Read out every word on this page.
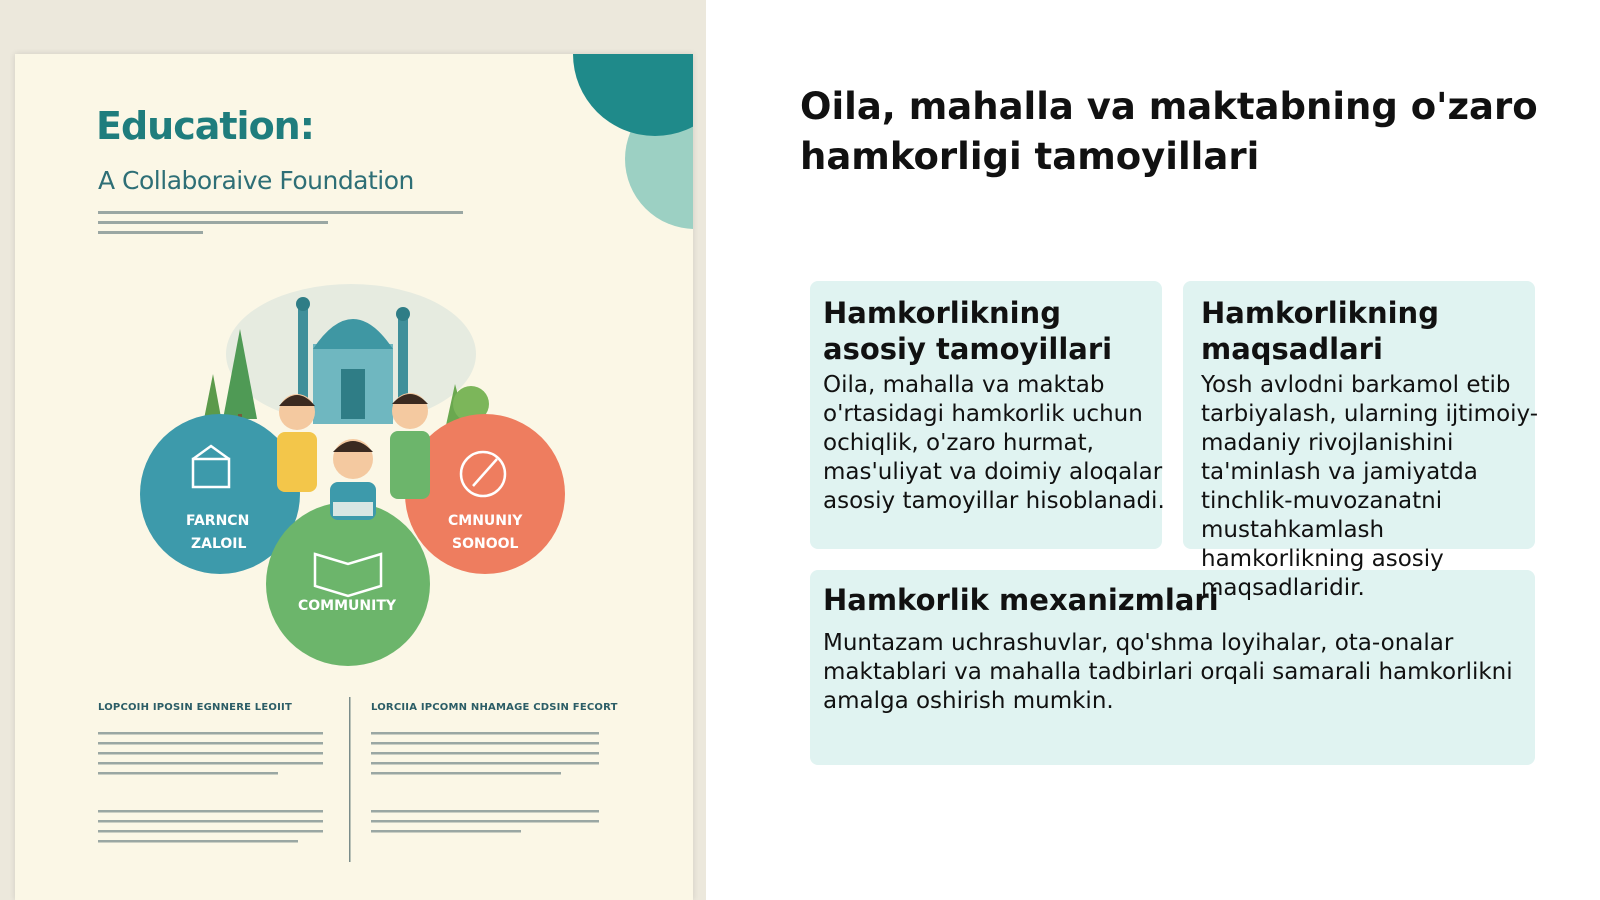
FARNCN
ZALOIL
CMNUNIY
SONOOL
COMMUNITY
Education:
A Collaboraive Foundation
LOPCOIH IPOSIN EGNNERE LEOIIT	LORCIIA IPCOMN NHAMAGE CDSIN FECORT
Oila, mahalla va maktabning o'zaro hamkorligi tamoyillari
Hamkorlikning asosiy tamoyillari

Oila, mahalla va maktab o'rtasidagi hamkorlik uchun ochiqlik, o'zaro hurmat, mas'uliyat va doimiy aloqalar asosiy tamoyillar hisoblanadi.

Hamkorlikning maqsadlari

Yosh avlodni barkamol etib tarbiyalash, ularning ijtimoiy-madaniy rivojlanishini ta'minlash va jamiyatda tinchlik-muvozanatni mustahkamlash hamkorlikning asosiy maqsadlaridir.

Hamkorlik mexanizmlari

Muntazam uchrashuvlar, qo'shma loyihalar, ota-onalar maktablari va mahalla tadbirlari orqali samarali hamkorlikni amalga oshirish mumkin.
